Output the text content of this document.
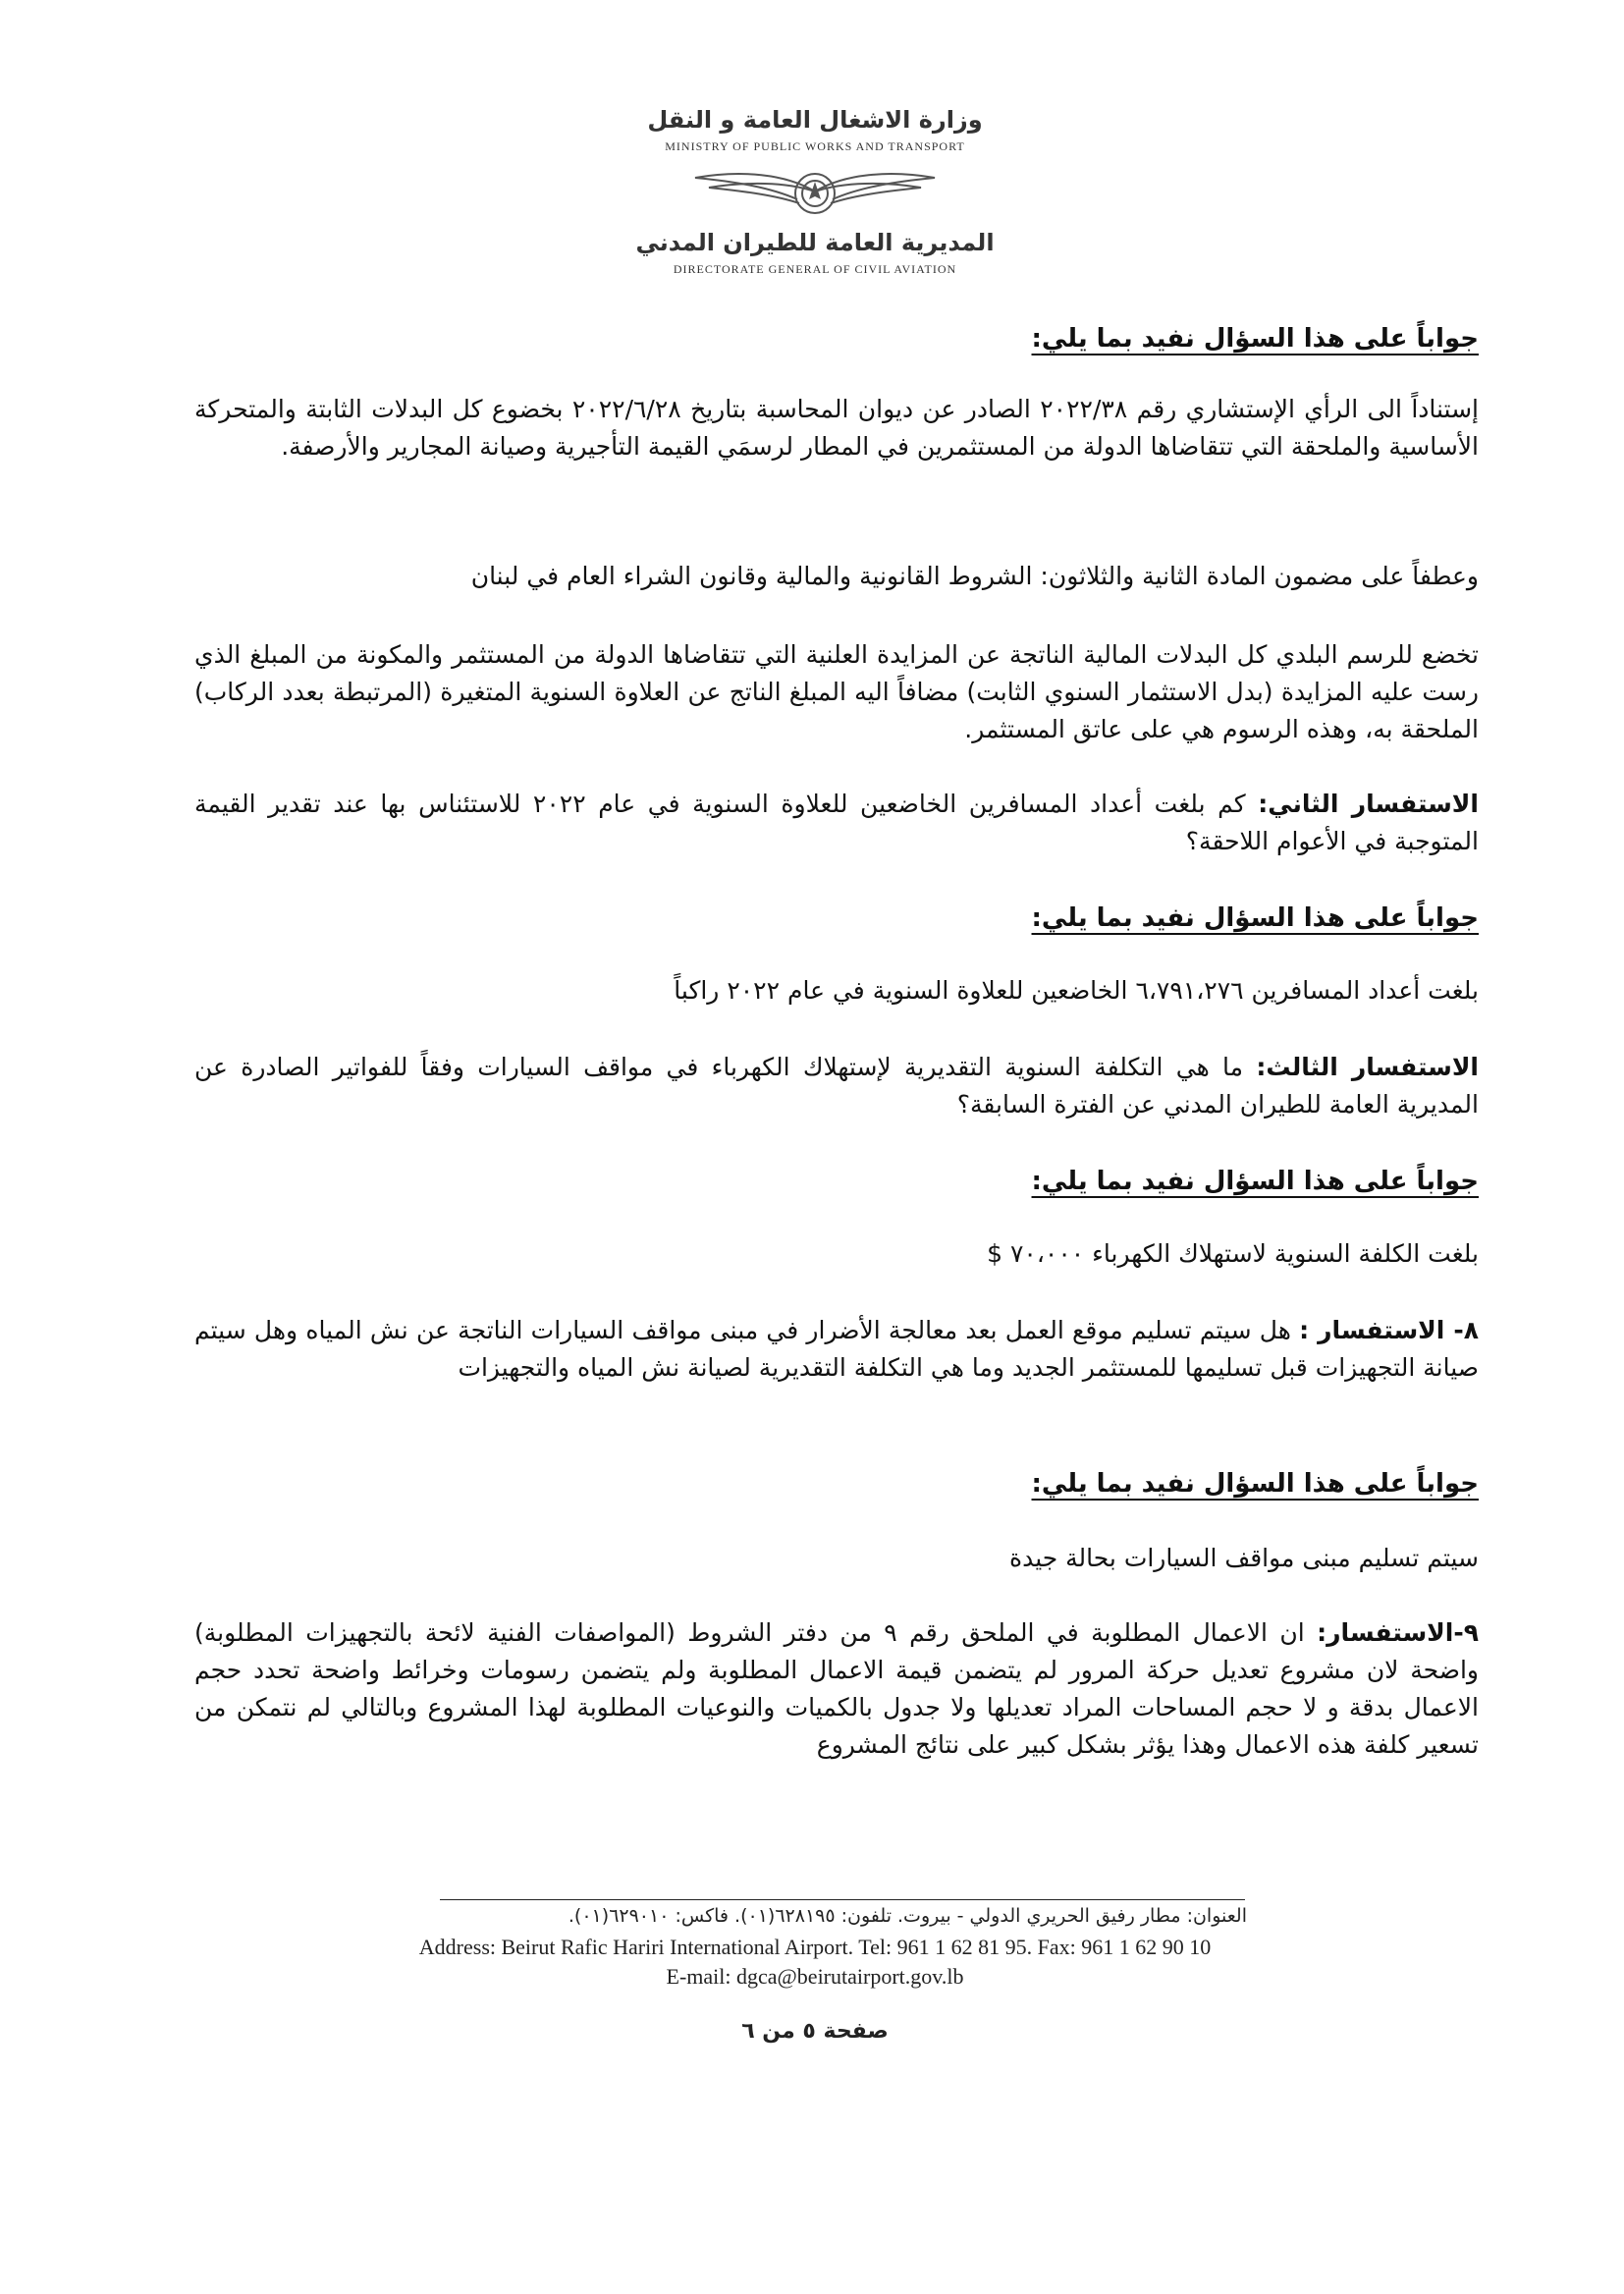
وزارة الاشغال العامة و النقل
MINISTRY OF PUBLIC WORKS AND TRANSPORT
المديرية العامة للطيران المدني
DIRECTORATE GENERAL OF CIVIL AVIATION
جواباً على هذا السؤال نفيد بما يلي:
إستناداً الى الرأي الإستشاري رقم ٢٠٢٢/٣٨ الصادر عن ديوان المحاسبة بتاريخ ٢٠٢٢/٦/٢٨ بخضوع كل البدلات الثابتة والمتحركة الأساسية والملحقة التي تتقاضاها الدولة من المستثمرين في المطار لرسمَي القيمة التأجيرية وصيانة المجارير والأرصفة.
وعطفاً على مضمون المادة الثانية والثلاثون: الشروط القانونية والمالية وقانون الشراء العام في لبنان
تخضع للرسم البلدي كل البدلات المالية الناتجة عن المزايدة العلنية التي تتقاضاها الدولة من المستثمر والمكونة من المبلغ الذي رست عليه المزايدة (بدل الاستثمار السنوي الثابت) مضافاً اليه المبلغ الناتج عن العلاوة السنوية المتغيرة (المرتبطة بعدد الركاب) الملحقة به، وهذه الرسوم هي على عاتق المستثمر.
الاستفسار الثاني: كم بلغت أعداد المسافرين الخاضعين للعلاوة السنوية في عام ٢٠٢٢ للاستئناس بها عند تقدير القيمة المتوجبة في الأعوام اللاحقة؟
جواباً على هذا السؤال نفيد بما يلي:
بلغت أعداد المسافرين ٦،٧٩١،٢٧٦ الخاضعين للعلاوة السنوية في عام ٢٠٢٢ راكباً
الاستفسار الثالث: ما هي التكلفة السنوية التقديرية لإستهلاك الكهرباء في مواقف السيارات وفقاً للفواتير الصادرة عن المديرية العامة للطيران المدني عن الفترة السابقة؟
جواباً على هذا السؤال نفيد بما يلي:
بلغت الكلفة السنوية لاستهلاك الكهرباء ٧٠،٠٠٠ $
٨- الاستفسار : هل سيتم تسليم موقع العمل بعد معالجة الأضرار في مبنى مواقف السيارات الناتجة عن نش المياه وهل سيتم صيانة التجهيزات قبل تسليمها للمستثمر الجديد وما هي التكلفة التقديرية لصيانة نش المياه والتجهيزات
جواباً على هذا السؤال نفيد بما يلي:
سيتم تسليم مبنى مواقف السيارات بحالة جيدة
٩-الاستفسار: ان الاعمال المطلوبة في الملحق رقم ٩ من دفتر الشروط (المواصفات الفنية لائحة بالتجهيزات المطلوبة) واضحة لان مشروع تعديل حركة المرور لم يتضمن قيمة الاعمال المطلوبة ولم يتضمن رسومات وخرائط واضحة تحدد حجم الاعمال بدقة و لا حجم المساحات المراد تعديلها ولا جدول بالكميات والنوعيات المطلوبة لهذا المشروع وبالتالي لم نتمكن من تسعير كلفة هذه الاعمال وهذا يؤثر بشكل كبير على نتائج المشروع
العنوان: مطار رفيق الحريري الدولي - بيروت. تلفون: ٦٢٨١٩٥(٠١). فاكس: ٦٢٩٠١٠(٠١).
Address: Beirut Rafic Hariri International Airport. Tel: 961 1 62 81 95. Fax: 961 1 62 90 10
E-mail: dgca@beirutairport.gov.lb
صفحة ٥ من ٦
